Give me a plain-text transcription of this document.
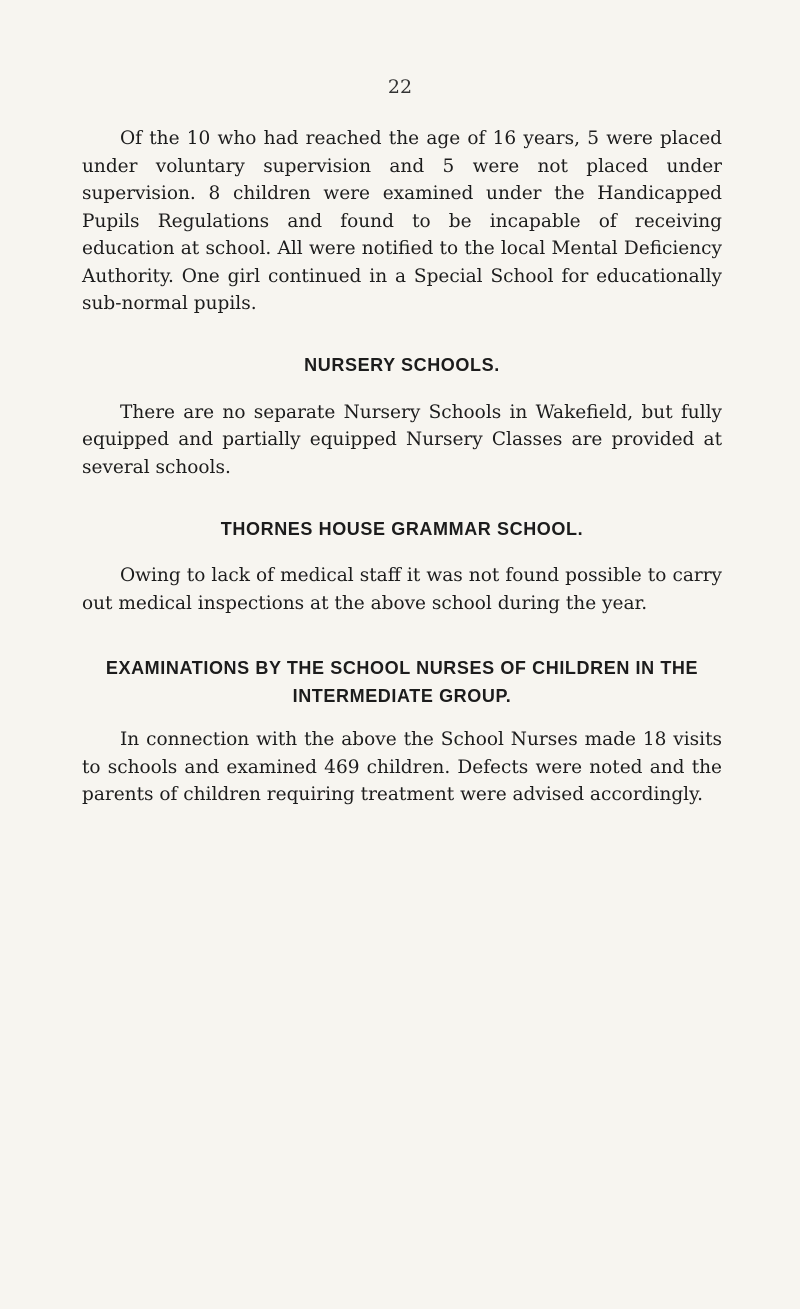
22

Of the 10 who had reached the age of 16 years, 5 were placed under voluntary supervision and 5 were not placed under supervision. 8 children were examined under the Handicapped Pupils Regulations and found to be incapable of receiving education at school. All were notified to the local Mental Deficiency Authority. One girl continued in a Special School for educationally sub-normal pupils.

NURSERY SCHOOLS.

There are no separate Nursery Schools in Wakefield, but fully equipped and partially equipped Nursery Classes are provided at several schools.

THORNES HOUSE GRAMMAR SCHOOL.

Owing to lack of medical staff it was not found possible to carry out medical inspections at the above school during the year.

EXAMINATIONS BY THE SCHOOL NURSES OF CHILDREN IN THE INTERMEDIATE GROUP.

In connection with the above the School Nurses made 18 visits to schools and examined 469 children. Defects were noted and the parents of children requiring treatment were advised accordingly.
